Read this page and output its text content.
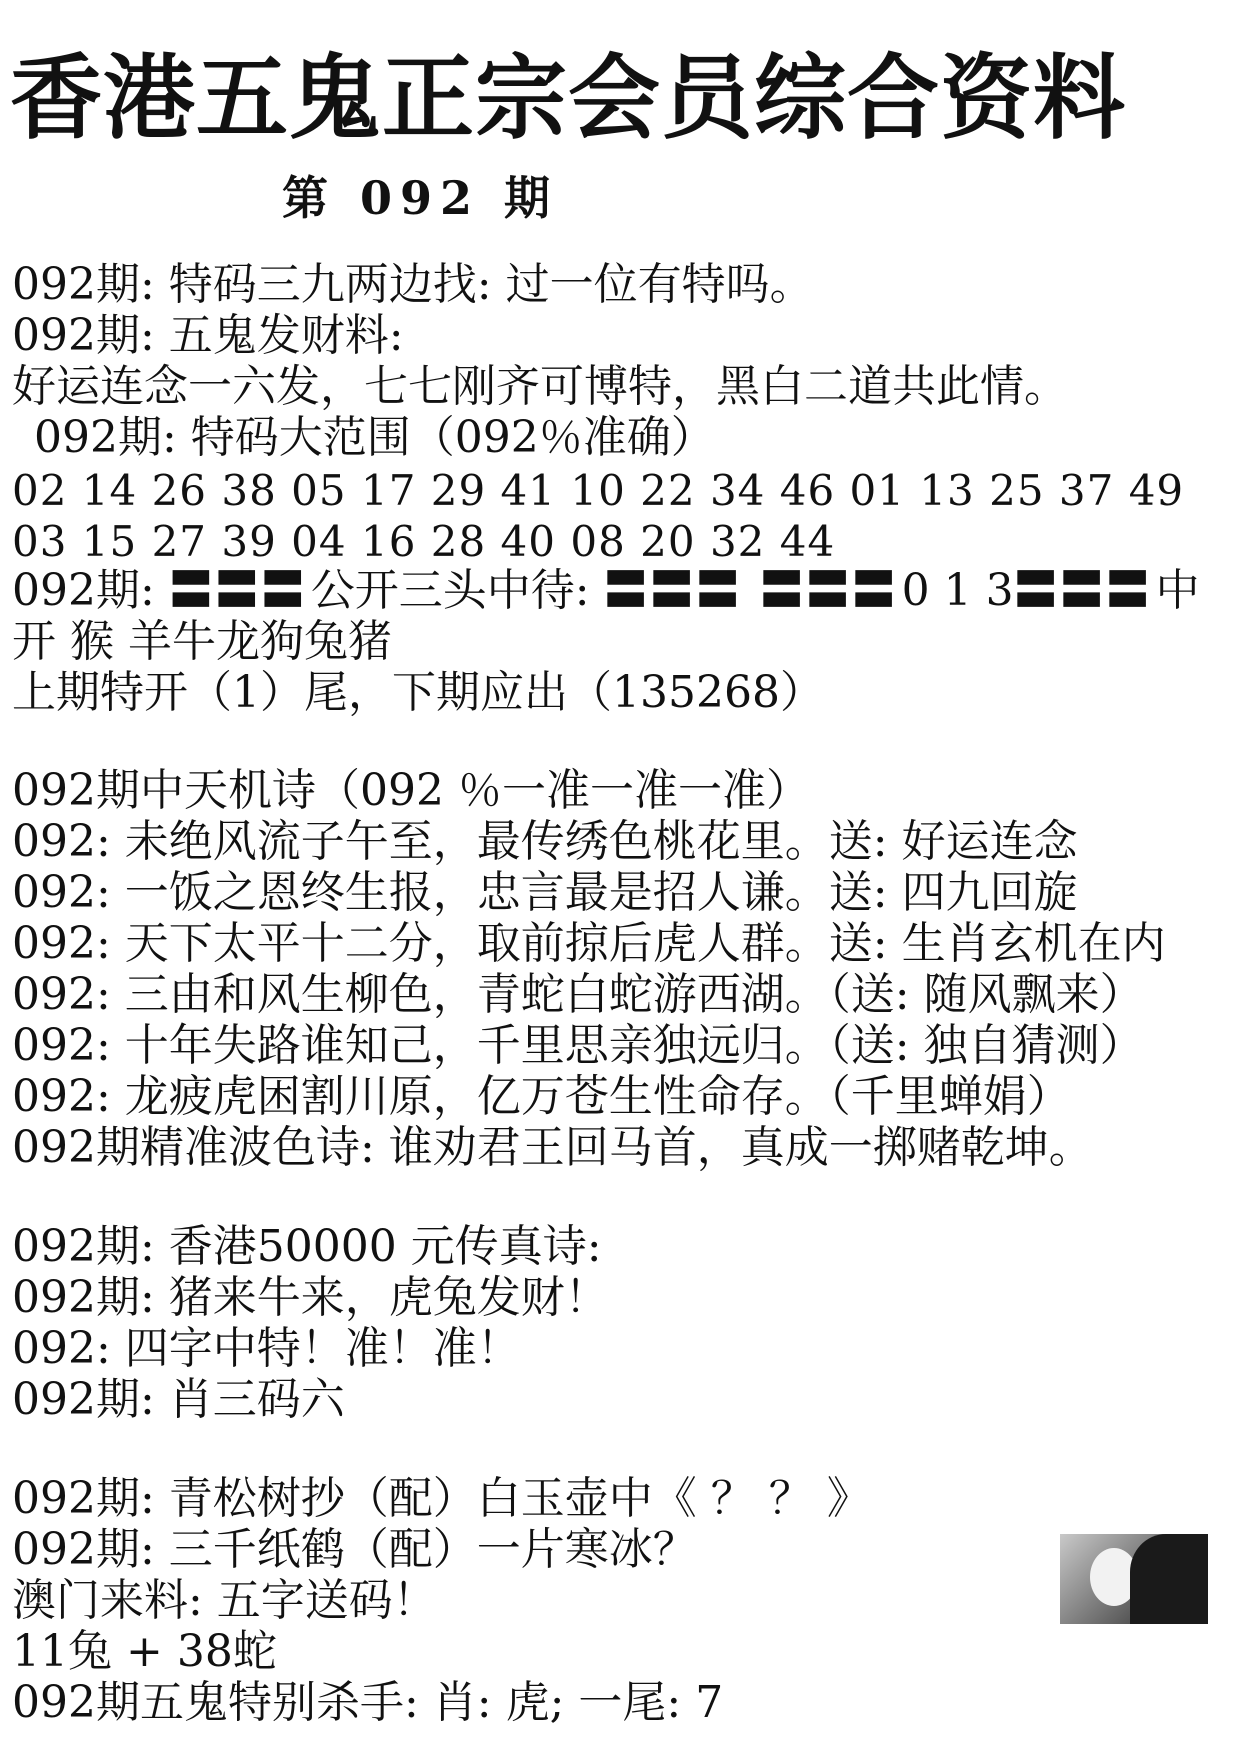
香港五鬼正宗会员综合资料
第 092 期
092期: 特码三九两边找: 过一位有特吗。
092期: 五鬼发财料:
好运连念一六发，七七刚齐可博特，黑白二道共此情。
092期: 特码大范围（092％准确）
02 14 26 38 05 17 29 41 10 22 34 46 01 13 25 37 49
03 15 27 39 04 16 28 40 08 20 32 44
092期: 〓〓〓公开三头中待: 〓〓〓 〓〓〓0 1 3〓〓〓中
开 猴 羊牛龙狗兔猪
上期特开（1）尾，下期应出（135268）
092期中天机诗（092 ％一准一准一准）
092: 未绝风流子午至，最传绣色桃花里。送: 好运连念
092: 一饭之恩终生报，忠言最是招人谦。送: 四九回旋
092: 天下太平十二分，取前掠后虎人群。送: 生肖玄机在内
092: 三由和风生柳色，青蛇白蛇游西湖。（送: 随风飘来）
092: 十年失路谁知己，千里思亲独远归。（送: 独自猜测）
092: 龙疲虎困割川原，亿万苍生性命存。（千里蝉娟）
092期精准波色诗: 谁劝君王回马首，真成一掷赌乾坤。
092期: 香港50000 元传真诗:
092期: 猪来牛来，虎兔发财！
092: 四字中特！准！准！
092期: 肖三码六
092期: 青松树抄（配）白玉壶中《 ？ ？ 》
092期: 三千纸鹤（配）一片寒冰？
澳门来料: 五字送码！
11兔 + 38蛇
092期五鬼特别杀手: 肖: 虎; 一尾: 7
